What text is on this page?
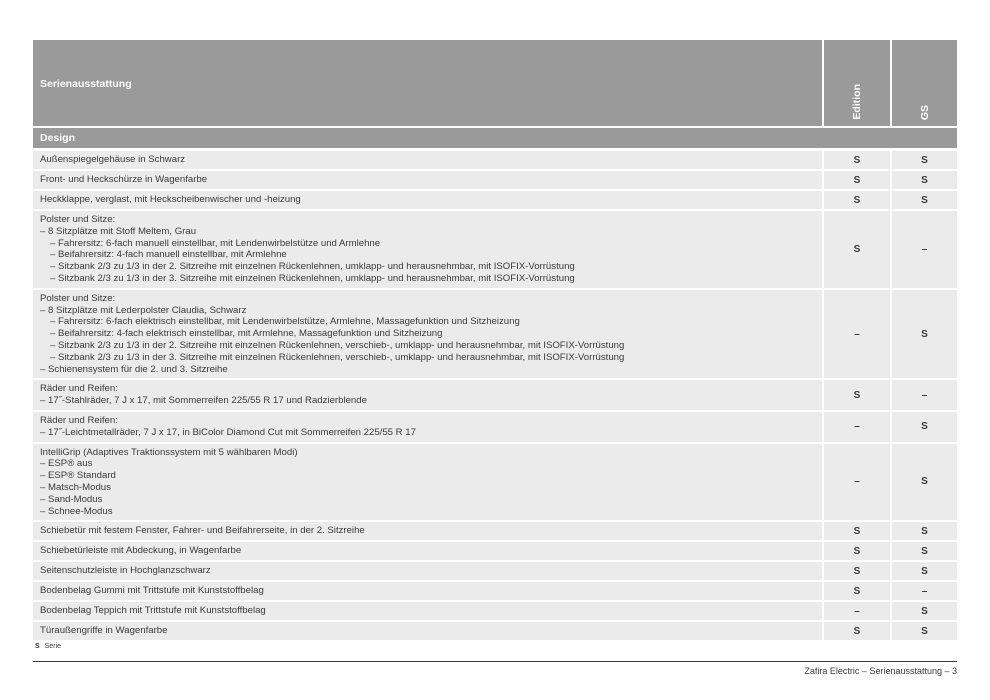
Serienausstattung
Edition	GS
Design
Außenspiegelgehäuse in Schwarz	S	S
Front- und Heckschürze in Wagenfarbe	S	S
Heckklappe, verglast, mit Heckscheibenwischer und -heizung	S	S
Polster und Sitze:
– 8 Sitzplätze mit Stoff Meltem, Grau
– Fahrersitz: 6-fach manuell einstellbar, mit Lendenwirbelstütze und Armlehne
– Beifahrersitz: 4-fach manuell einstellbar, mit Armlehne
– Sitzbank 2/3 zu 1/3 in der 2. Sitzreihe mit einzelnen Rückenlehnen, umklapp- und herausnehmbar, mit ISOFIX-Vorrüstung
– Sitzbank 2/3 zu 1/3 in der 3. Sitzreihe mit einzelnen Rückenlehnen, umklapp- und herausnehmbar, mit ISOFIX-Vorrüstung
S	–
Polster und Sitze:
– 8 Sitzplätze mit Lederpolster Claudia, Schwarz
– Fahrersitz: 6-fach elektrisch einstellbar, mit Lendenwirbelstütze, Armlehne, Massagefunktion und Sitzheizung
– Beifahrersitz: 4-fach elektrisch einstellbar, mit Armlehne, Massagefunktion und Sitzheizung
– Sitzbank 2/3 zu 1/3 in der 2. Sitzreihe mit einzelnen Rückenlehnen, verschieb-, umklapp- und herausnehmbar, mit ISOFIX-Vorrüstung
– Sitzbank 2/3 zu 1/3 in der 3. Sitzreihe mit einzelnen Rückenlehnen, verschieb-, umklapp- und herausnehmbar, mit ISOFIX-Vorrüstung
– Schienensystem für die 2. und 3. Sitzreihe
–	S
Räder und Reifen:
– 17˝-Stahlräder, 7 J x 17, mit Sommerreifen 225/55 R 17 und Radzierblende	S	–
Räder und Reifen:
– 17˝-Leichtmetallräder, 7 J x 17, in BiColor Diamond Cut mit Sommerreifen 225/55 R 17	–	S
IntelliGrip (Adaptives Traktionssystem mit 5 wählbaren Modi)
– ESP® aus
– ESP® Standard
– Matsch-Modus
– Sand-Modus
– Schnee-Modus
–	S
Schiebetür mit festem Fenster, Fahrer- und Beifahrerseite, in der 2. Sitzreihe	S	S
Schiebetürleiste mit Abdeckung, in Wagenfarbe	S	S
Seitenschutzleiste in Hochglanzschwarz	S	S
Bodenbelag Gummi mit Trittstufe mit Kunststoffbelag	S	–
Bodenbelag Teppich mit Trittstufe mit Kunststoffbelag	–	S
Türaußengriffe in Wagenfarbe	S	S
S Serie
Zafira Electric – Serienausstattung – 3
